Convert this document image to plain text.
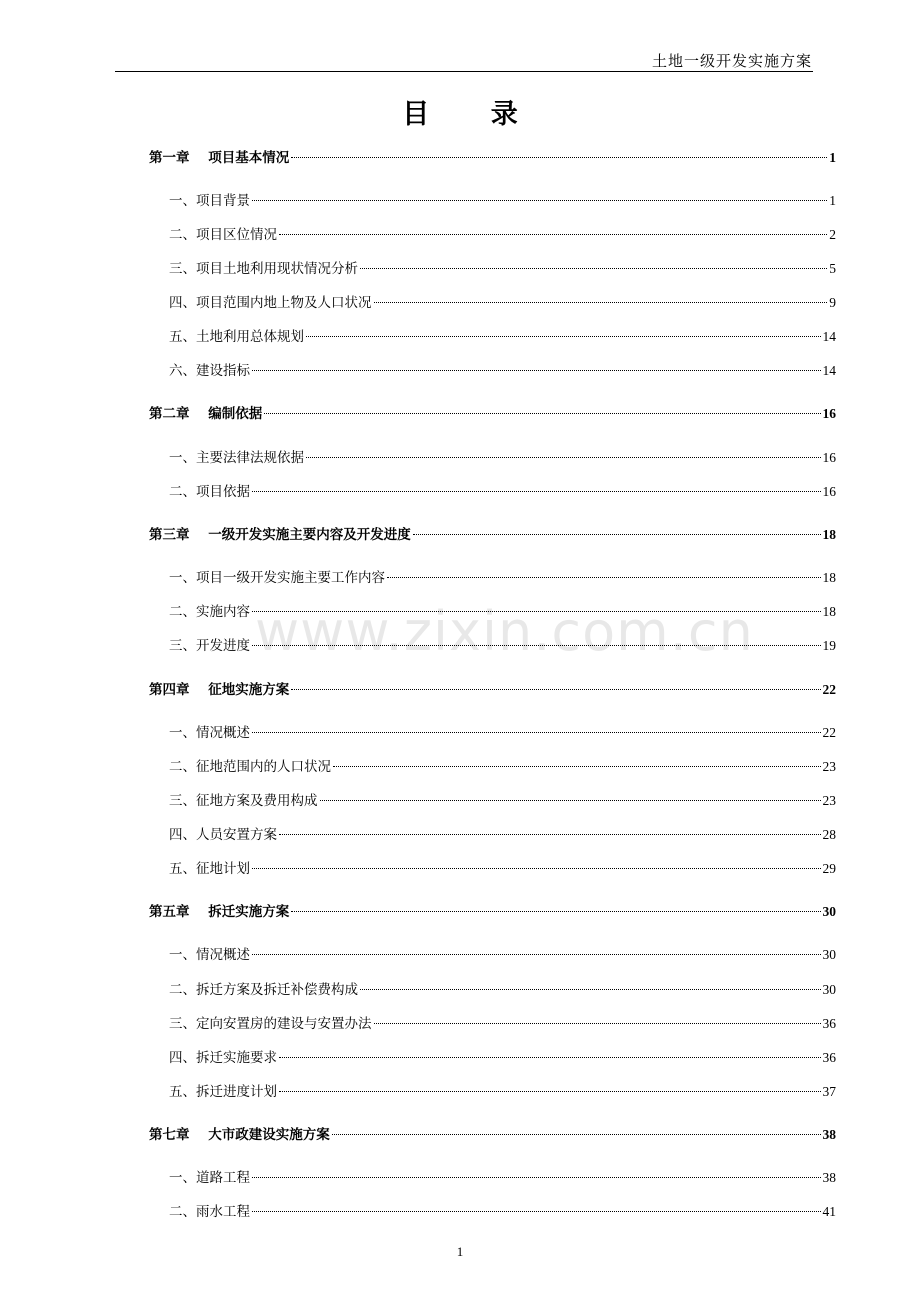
土地一级开发实施方案
目 录
www.zixin.com.cn
第一章    项目基本情况	1
一、项目背景	1
二、项目区位情况	2
三、项目土地利用现状情况分析	5
四、项目范围内地上物及人口状况	9
五、土地利用总体规划	14
六、建设指标	14
第二章    编制依据	16
一、主要法律法规依据	16
二、项目依据	16
第三章    一级开发实施主要内容及开发进度	18
一、项目一级开发实施主要工作内容	18
二、实施内容	18
三、开发进度	19
第四章    征地实施方案	22
一、情况概述	22
二、征地范围内的人口状况	23
三、征地方案及费用构成	23
四、人员安置方案	28
五、征地计划	29
第五章    拆迁实施方案	30
一、情况概述	30
二、拆迁方案及拆迁补偿费构成	30
三、定向安置房的建设与安置办法	36
四、拆迁实施要求	36
五、拆迁进度计划	37
第七章    大市政建设实施方案	38
一、道路工程	38
二、雨水工程	41
1
